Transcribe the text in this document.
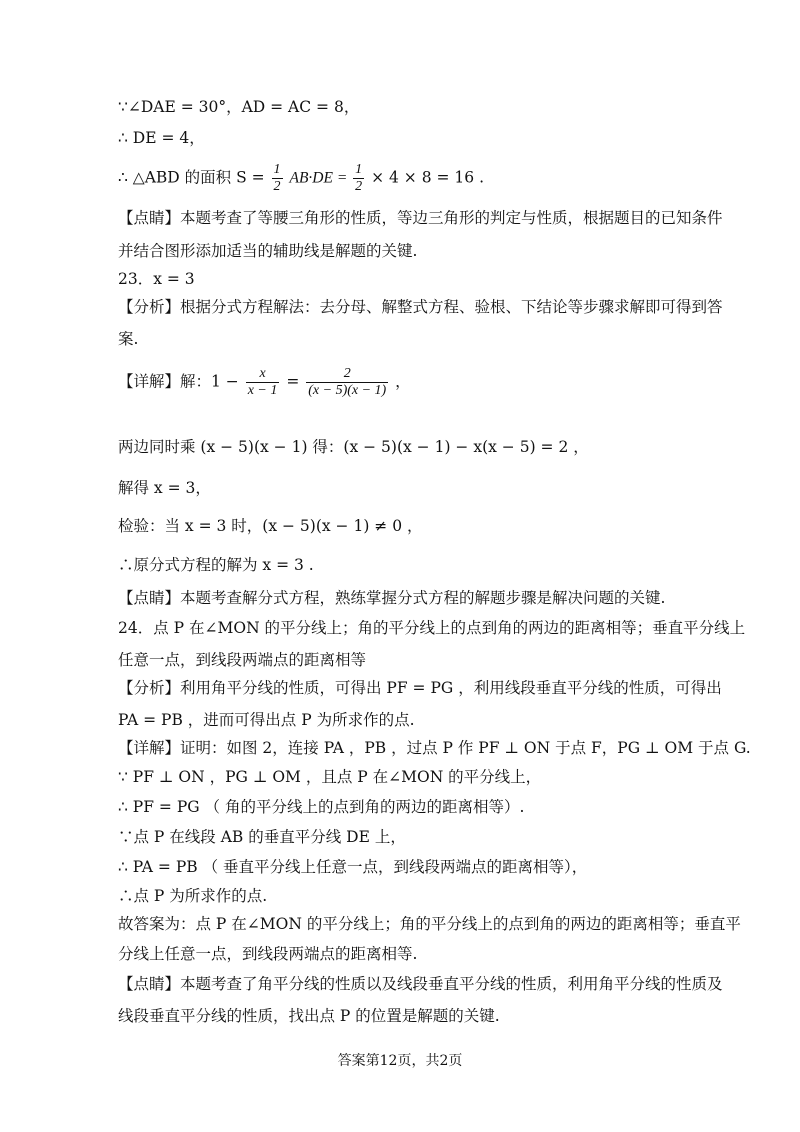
∵∠DAE = 30°，AD = AC = 8，
∴ DE = 4，
∴ △ABD 的面积 $S = \frac{1}{2} AB\cdot DE = \frac{1}{2} \times 4 \times 8 = 16$ .
【点睛】本题考查了等腰三角形的性质，等边三角形的判定与性质，根据题目的已知条件
并结合图形添加适当的辅助线是解题的关键.
23．x = 3
【分析】根据分式方程解法：去分母、解整式方程、验根、下结论等步骤求解即可得到答
案.
【详解】解：$1 - \frac{x}{x - 1} = \frac{2}{(x - 5)(x - 1)}$ ，
两边同时乘 (x − 5)(x − 1) 得：(x − 5)(x − 1) − x(x − 5) = 2 ，
解得 x = 3，
检验：当 x = 3 时，(x − 5)(x − 1) ≠ 0 ，
∴原分式方程的解为 x = 3 .
【点睛】本题考查解分式方程，熟练掌握分式方程的解题步骤是解决问题的关键.
24．点 P 在∠MON 的平分线上；角的平分线上的点到角的两边的距离相等；垂直平分线上
任意一点，到线段两端点的距离相等
【分析】利用角平分线的性质，可得出 PF = PG ，利用线段垂直平分线的性质，可得出
PA = PB ，进而可得出点 P 为所求作的点.
【详解】证明：如图 2，连接 PA ，PB ，过点 P 作 PF ⊥ ON 于点 F，PG ⊥ OM 于点 G.
∵ PF ⊥ ON ，PG ⊥ OM ，且点 P 在∠MON 的平分线上，
∴ PF = PG （ 角的平分线上的点到角的两边的距离相等）.
∵点 P 在线段 AB 的垂直平分线 DE 上，
∴ PA = PB （ 垂直平分线上任意一点，到线段两端点的距离相等），
∴点 P 为所求作的点.
故答案为：点 P 在∠MON 的平分线上；角的平分线上的点到角的两边的距离相等；垂直平
分线上任意一点，到线段两端点的距离相等.
【点睛】本题考查了角平分线的性质以及线段垂直平分线的性质，利用角平分线的性质及
线段垂直平分线的性质，找出点 P 的位置是解题的关键.
答案第12页，共2页
